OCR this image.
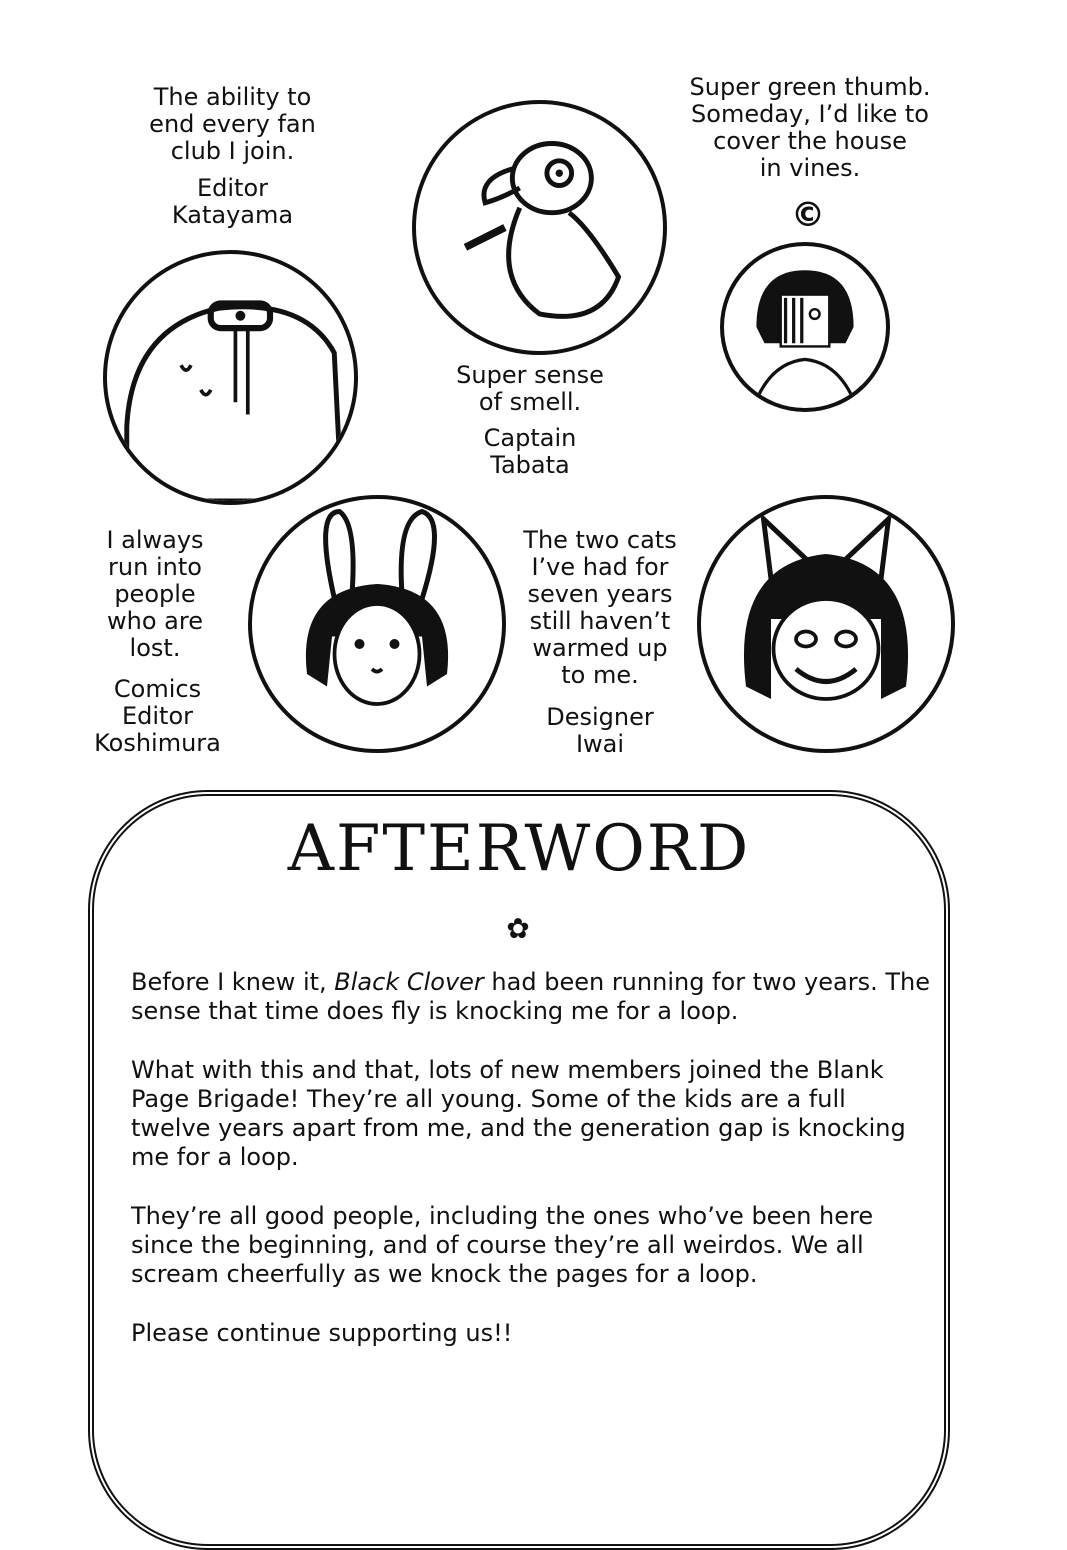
The ability to
end every fan
club I join.
Editor
Katayama
Super sense
of smell.
Captain
Tabata
Super green thumb.
Someday, I’d like to
cover the house
in vines.
©
I always
run into
people
who are
lost.
Comics
Editor
Koshimura
The two cats
I’ve had for
seven years
still haven’t
warmed up
to me.
Designer
Iwai
AFTERWORD
✿

Before I knew it, Black Clover had been running for two years. The sense that time does fly is knocking me for a loop.

What with this and that, lots of new members joined the Blank Page Brigade! They’re all young. Some of the kids are a full twelve years apart from me, and the generation gap is knocking me for a loop.

They’re all good people, including the ones who’ve been here since the beginning, and of course they’re all weirdos. We all scream cheerfully as we knock the pages for a loop.

Please continue supporting us!!
